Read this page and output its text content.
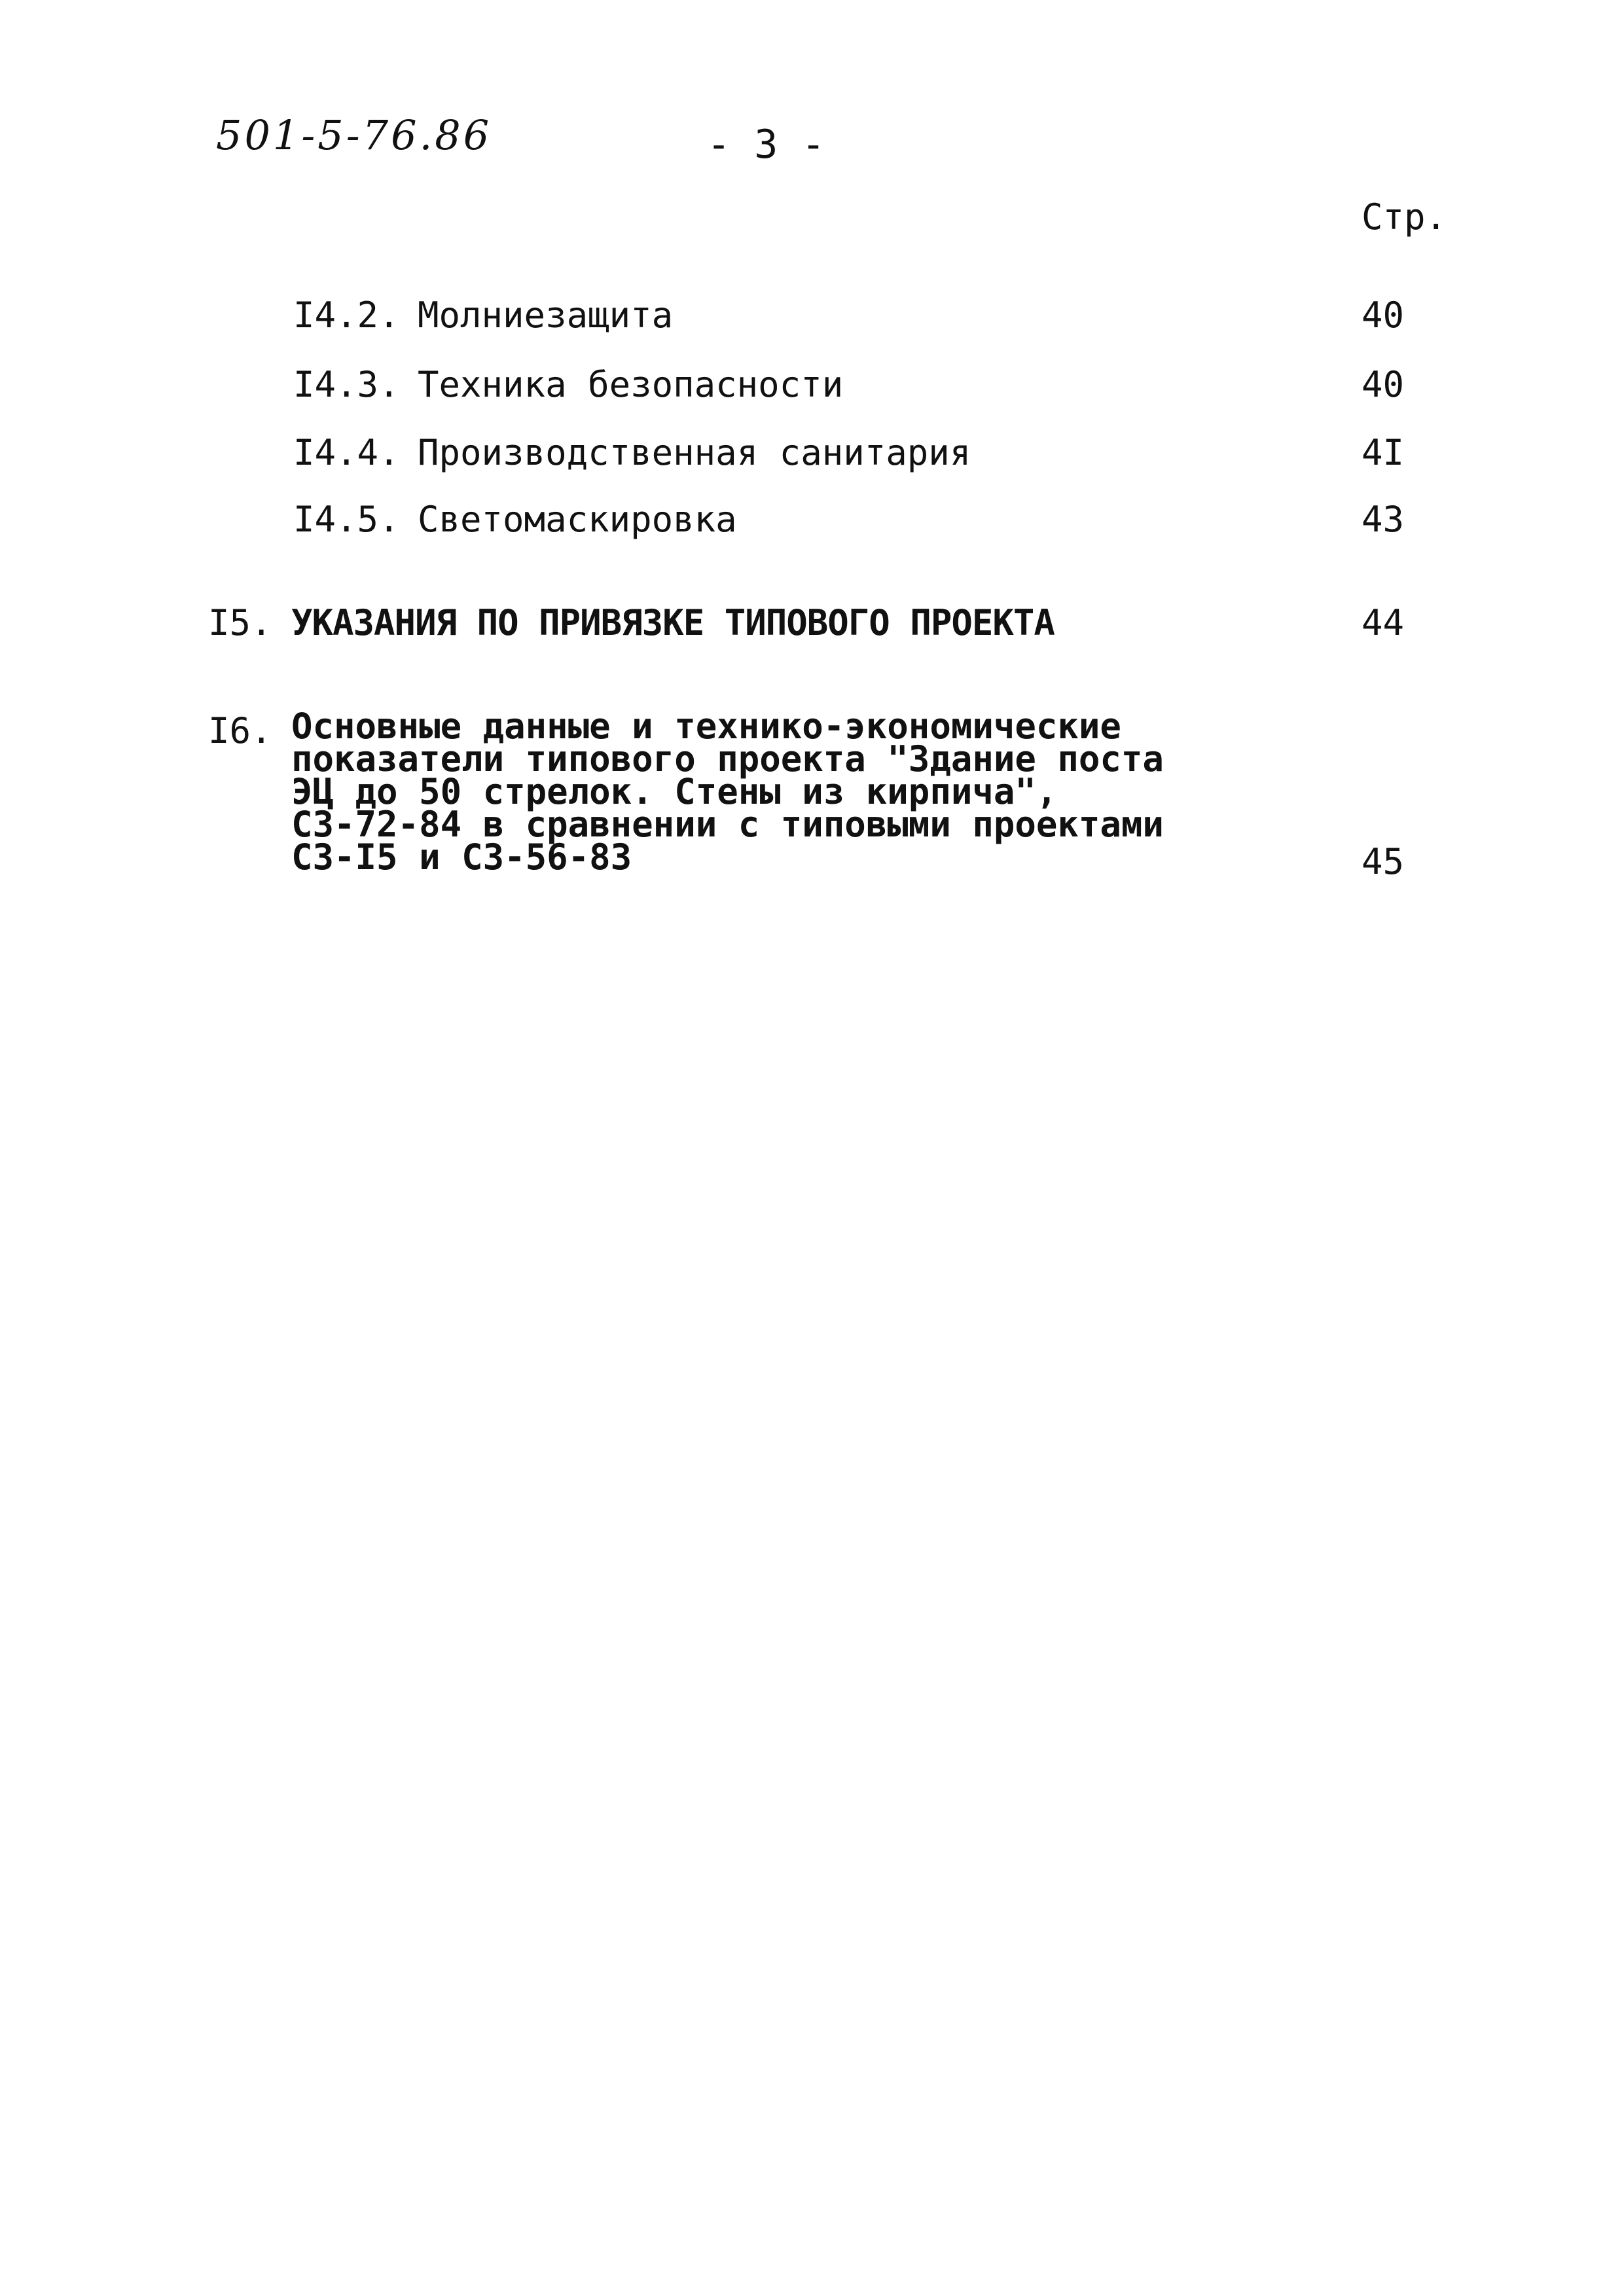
501-5-76.86	- 3 -
Стр.
I4.2. Молниезащита	40
I4.3. Техника безопасности	40
I4.4. Производственная санитария	4I
I4.5. Светомаскировка	43
I5. УКАЗАНИЯ ПО ПРИВЯЗКЕ ТИПОВОГО ПРОЕКТА	44
I6. Основные данные и технико-экономические
показатели типового проекта "Здание поста
ЭЦ до 50 стрелок. Стены из кирпича",
СЗ-72-84 в сравнении с типовыми проектами
СЗ-I5 и СЗ-56-83	45
